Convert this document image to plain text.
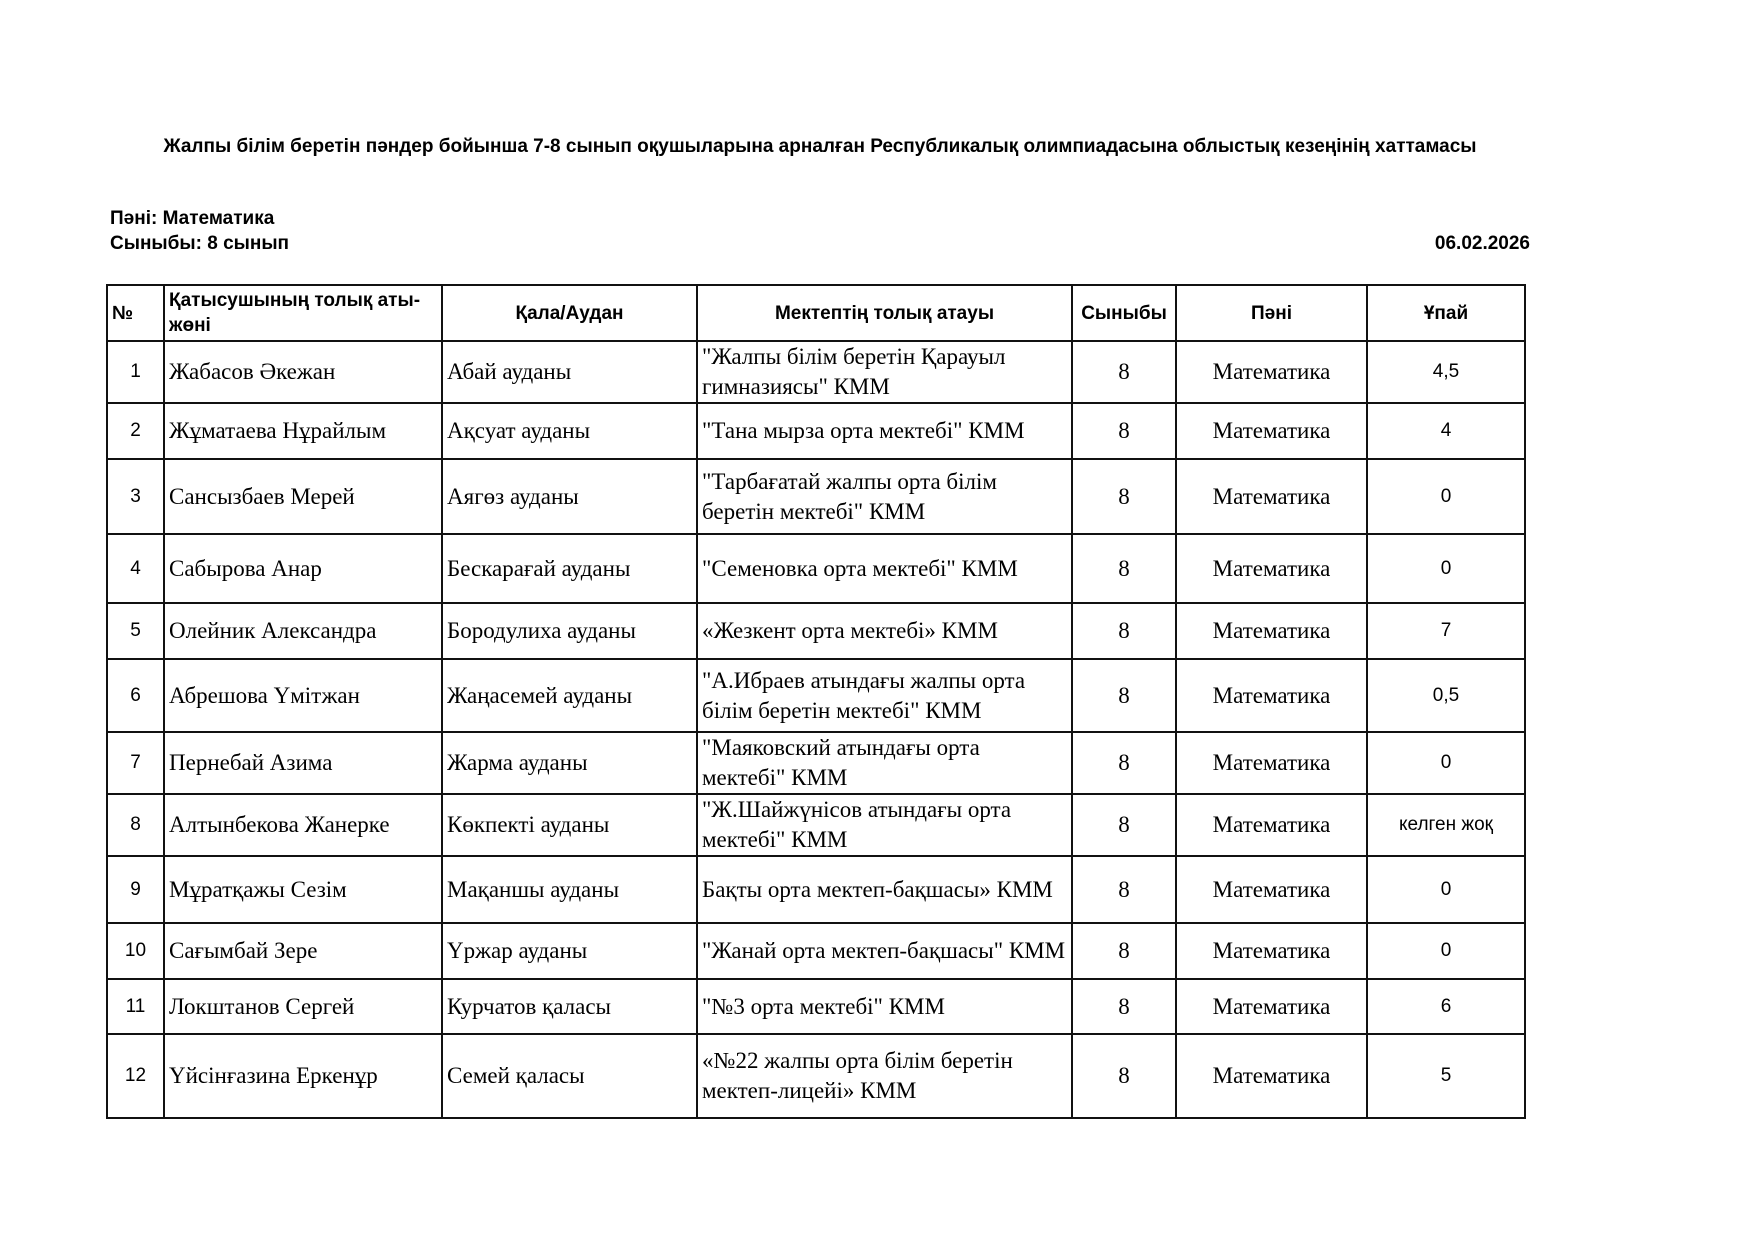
Жалпы білім беретін пәндер бойынша 7-8 сынып оқушыларына арналған Республикалық олимпиадасына облыстық кезеңінің хаттамасы
Пәні: Математика
Сыныбы: 8 сынып	06.02.2026
№	Қатысушының толық аты-жөні	Қала/Аудан	Мектептің толық атауы	Сыныбы	Пәні	Ұпай
1	Жабасов Әкежан	Абай ауданы	"Жалпы білім беретін Қарауыл гимназиясы" КММ	8	Математика	4,5
2	Жұматаева Нұрайлым	Ақсуат ауданы	"Тана мырза орта мектебі" КММ	8	Математика	4
3	Сансызбаев Мерей	Аягөз ауданы	"Тарбағатай жалпы орта білім беретін мектебі" КММ	8	Математика	0
4	Сабырова Анар	Бескарағай ауданы	"Семеновка орта мектебі" КММ	8	Математика	0
5	Олейник Александра	Бородулиха ауданы	«Жезкент орта мектебі» КММ	8	Математика	7
6	Абрешова Үмітжан	Жаңасемей ауданы	"А.Ибраев атындағы жалпы орта білім беретін мектебі" КММ	8	Математика	0,5
7	Пернебай Азима	Жарма ауданы	"Маяковский атындағы орта мектебі" КММ	8	Математика	0
8	Алтынбекова Жанерке	Көкпекті ауданы	"Ж.Шайжүнісов атындағы орта мектебі" КММ	8	Математика	келген жоқ
9	Мұратқажы Сезім	Мақаншы ауданы	Бақты орта мектеп-бақшасы» КММ	8	Математика	0
10	Сағымбай Зере	Үржар ауданы	"Жанай орта мектеп-бақшасы" КММ	8	Математика	0
11	Локштанов Сергей	Курчатов қаласы	"№3 орта мектебі" КММ	8	Математика	6
12	Үйсінғазина Еркенұр	Семей қаласы	«№22 жалпы орта білім беретін мектеп-лицейі» КММ	8	Математика	5
